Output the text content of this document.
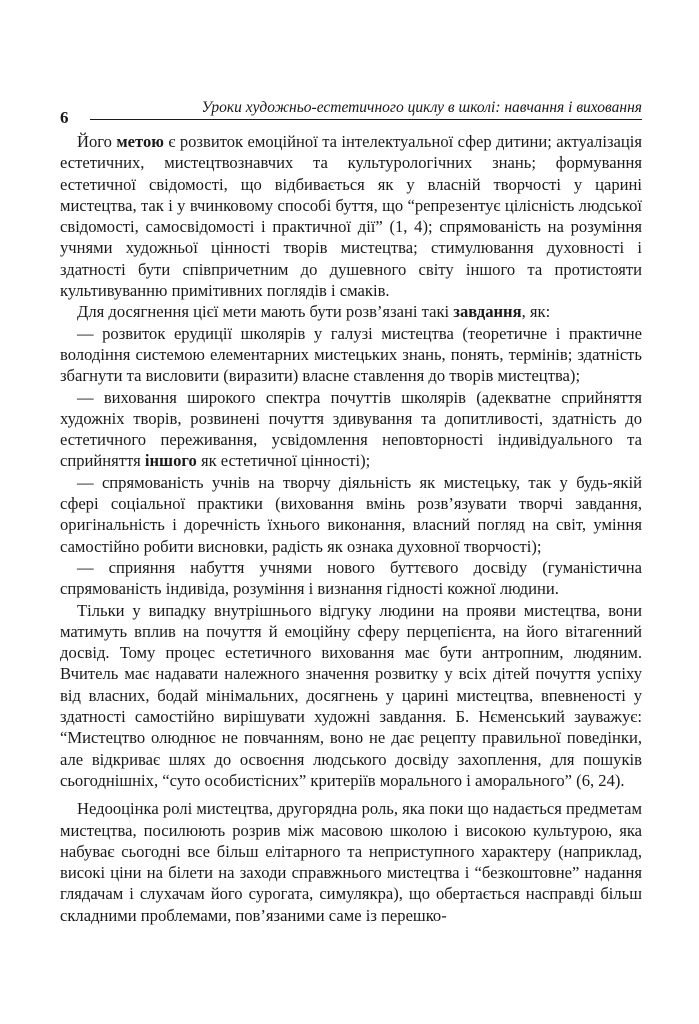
6
Уроки художньо-естетичного циклу в школі: навчання і виховання

Його метою є розвиток емоційної та інтелектуальної сфер дитини; актуалізація естетичних, мистецтвознавчих та культурологічних знань; формування естетичної свідомості, що відбивається як у власній творчості у царині мистецтва, так і у вчинковому способі буття, що “репрезентує цілісність людської свідомості, самосвідомості і практичної дії” (1, 4); спрямованість на розуміння учнями художньої цінності творів мистецтва; стимулювання духовності і здатності бути співпричетним до душевного світу іншого та протистояти культивуванню примітивних поглядів і смаків.

Для досягнення цієї мети мають бути розв’язані такі завдання, як:

— розвиток ерудиції школярів у галузі мистецтва (теоретичне і практичне володіння системою елементарних мистецьких знань, понять, термінів; здатність збагнути та висловити (виразити) власне ставлення до творів мистецтва);

— виховання широкого спектра почуттів школярів (адекватне сприйняття художніх творів, розвинені почуття здивування та допитливості, здатність до естетичного переживання, усвідомлення неповторності індивідуального та сприйняття іншого як естетичної цінності);

— спрямованість учнів на творчу діяльність як мистецьку, так у будь-якій сфері соціальної практики (виховання вмінь розв’язувати творчі завдання, оригінальність і доречність їхнього виконання, власний погляд на світ, уміння самостійно робити висновки, радість як ознака духовної творчості);

— сприяння набуття учнями нового буттєвого досвіду (гуманістична спрямованість індивіда, розуміння і визнання гідності кожної людини.

Тільки у випадку внутрішнього відгуку людини на прояви мистецтва, вони матимуть вплив на почуття й емоційну сферу перцепієнта, на його вітагенний досвід. Тому процес естетичного виховання має бути антропним, людяним. Вчитель має надавати належного значення розвитку у всіх дітей почуття успіху від власних, бодай мінімальних, досягнень у царині мистецтва, впевненості у здатності самостійно вирішувати художні завдання. Б. Нєменський зауважує: “Мистецтво олюднює не повчанням, воно не дає рецепту правильної поведінки, але відкриває шлях до освоєння людського досвіду захоплення, для пошуків сьогоднішніх, “суто особистісних” критеріїв морального і аморального” (6, 24).

Недооцінка ролі мистецтва, другорядна роль, яка поки що надається предметам мистецтва, посилюють розрив між масовою школою і високою культурою, яка набуває сьогодні все більш елітарного та неприступного характеру (наприклад, високі ціни на білети на заходи справжнього мистецтва і “безкоштовне” надання глядачам і слухачам його сурогата, симулякра), що обертається насправді більш складними проблемами, пов’язаними саме із перешко-
